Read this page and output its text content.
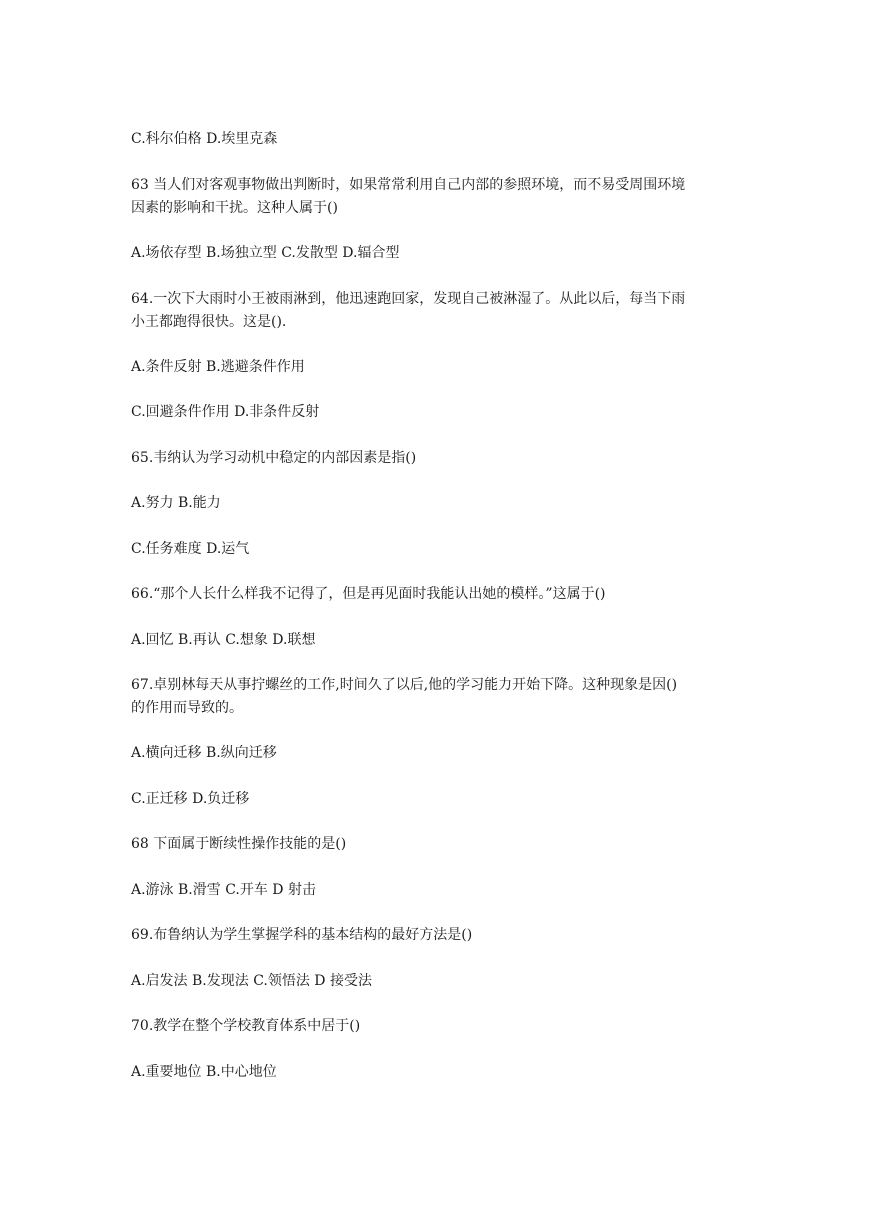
C.科尔伯格 D.埃里克森
63 当人们对客观事物做出判断时，如果常常利用自己内部的参照环境，而不易受周围环境
因素的影响和干扰。这种人属于()
A.场依存型 B.场独立型 C.发散型 D.辐合型
64.一次下大雨时小王被雨淋到，他迅速跑回家，发现自己被淋湿了。从此以后，每当下雨
小王都跑得很快。这是().
A.条件反射 B.逃避条件作用
C.回避条件作用 D.非条件反射
65.韦纳认为学习动机中稳定的内部因素是指()
A.努力 B.能力
C.任务难度 D.运气
66.“那个人长什么样我不记得了，但是再见面时我能认出她的模样。”这属于()
A.回忆 B.再认 C.想象 D.联想
67.卓别林每天从事拧螺丝的工作,时间久了以后,他的学习能力开始下降。这种现象是因()
的作用而导致的。
A.横向迁移 B.纵向迁移
C.正迁移 D.负迁移
68 下面属于断续性操作技能的是()
A.游泳 B.滑雪 C.开车 D 射击
69.布鲁纳认为学生掌握学科的基本结构的最好方法是()
A.启发法 B.发现法 C.领悟法 D 接受法
70.教学在整个学校教育体系中居于()
A.重要地位 B.中心地位
